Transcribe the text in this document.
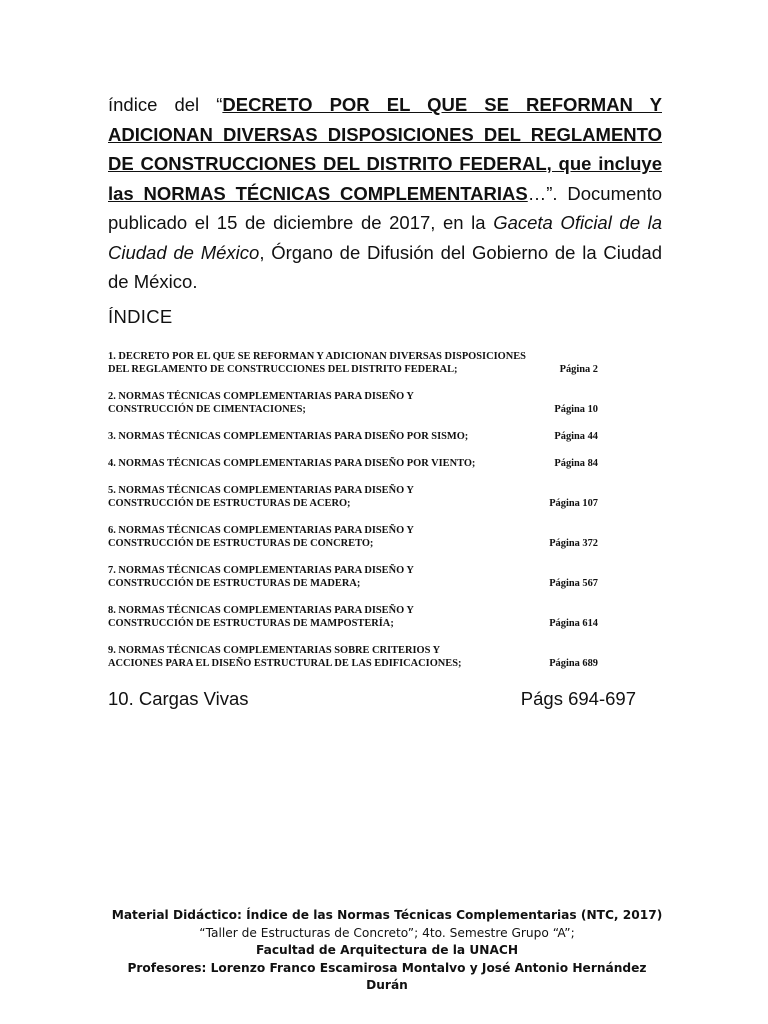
índice del “DECRETO POR EL QUE SE REFORMAN Y ADICIONAN DIVERSAS DISPOSICIONES DEL REGLAMENTO DE CONSTRUCCIONES DEL DISTRITO FEDERAL, que incluye las NORMAS TÉCNICAS COMPLEMENTARIAS…”. Documento publicado el 15 de diciembre de 2017, en la Gaceta Oficial de la Ciudad de México, Órgano de Difusión del Gobierno de la Ciudad de México.
ÍNDICE
1. DECRETO POR EL QUE SE REFORMAN Y ADICIONAN DIVERSAS DISPOSICIONES
DEL REGLAMENTO DE CONSTRUCCIONES DEL DISTRITO FEDERAL;	Página 2
2. NORMAS TÉCNICAS COMPLEMENTARIAS PARA DISEÑO Y
CONSTRUCCIÓN DE CIMENTACIONES;	Página 10
3. NORMAS TÉCNICAS COMPLEMENTARIAS PARA DISEÑO POR SISMO;	Página 44
4. NORMAS TÉCNICAS COMPLEMENTARIAS PARA DISEÑO POR VIENTO;	Página 84
5. NORMAS TÉCNICAS COMPLEMENTARIAS PARA DISEÑO Y
CONSTRUCCIÓN DE ESTRUCTURAS DE ACERO;	Página 107
6. NORMAS TÉCNICAS COMPLEMENTARIAS PARA DISEÑO Y
CONSTRUCCIÓN DE ESTRUCTURAS DE CONCRETO;	Página 372
7. NORMAS TÉCNICAS COMPLEMENTARIAS PARA DISEÑO Y
CONSTRUCCIÓN DE ESTRUCTURAS DE MADERA;	Página 567
8. NORMAS TÉCNICAS COMPLEMENTARIAS PARA DISEÑO Y
CONSTRUCCIÓN DE ESTRUCTURAS DE MAMPOSTERÍA;	Página 614
9. NORMAS TÉCNICAS COMPLEMENTARIAS SOBRE CRITERIOS Y
ACCIONES PARA EL DISEÑO ESTRUCTURAL DE LAS EDIFICACIONES;	Página 689
10. Cargas Vivas	Págs 694-697
Material Didáctico: Índice de las Normas Técnicas Complementarias (NTC, 2017)
“Taller de Estructuras de Concreto”; 4to. Semestre Grupo “A”;
Facultad de Arquitectura de la UNACH
Profesores: Lorenzo Franco Escamirosa Montalvo y José Antonio Hernández Durán
